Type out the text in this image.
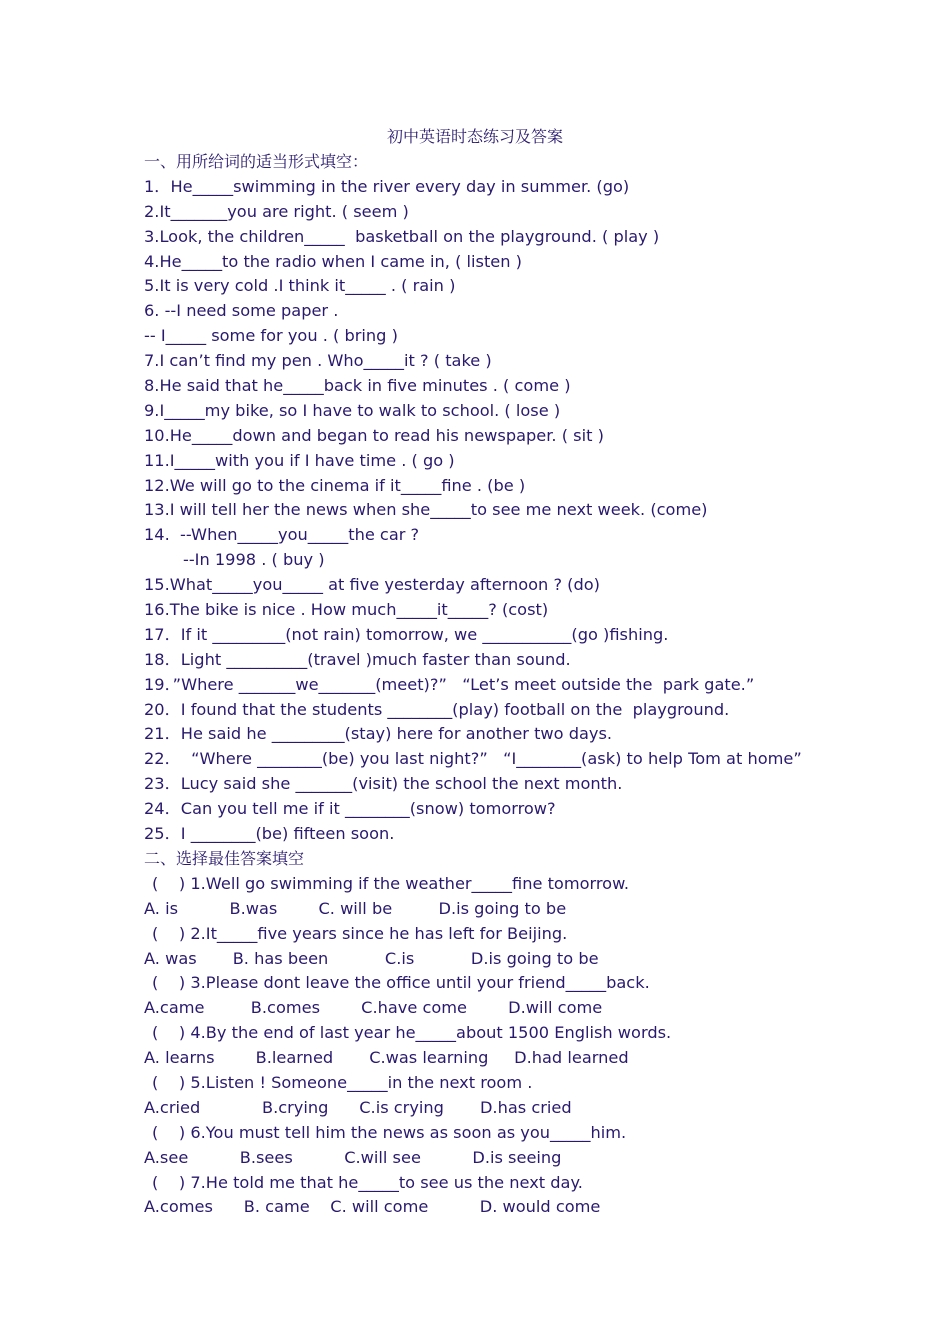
初中英语时态练习及答案
一、用所给词的适当形式填空：
1．He_____swimming in the river every day in summer. (go)
2.It_______you are right. ( seem )
3.Look, the children_____  basketball on the playground. ( play )
4.He_____to the radio when I came in, ( listen )
5.It is very cold .I think it_____ . ( rain )
6. --I need some paper .
-- I_____ some for you . ( bring )
7.I can’t find my pen . Who_____it ? ( take )
8.He said that he_____back in five minutes . ( come )
9.I_____my bike, so I have to walk to school. ( lose )
10.He_____down and began to read his newspaper. ( sit )
11.I_____with you if I have time . ( go )
12.We will go to the cinema if it_____fine . (be )
13.I will tell her the news when she_____to see me next week. (come)
14.  --When_____you_____the car ?
--In 1998 . ( buy )
15.What_____you_____ at five yesterday afternoon ? (do)
16.The bike is nice . How much_____it_____? (cost)
17．If it _________(not rain) tomorrow, we ___________(go )fishing.
18．Light __________(travel )much faster than sound.
19．”Where _______we_______(meet)?”   “Let’s meet outside the  park gate.”
20．I found that the students ________(play) football on the  playground.
21．He said he _________(stay) here for another two days.
22．  “Where ________(be) you last night?”   “I________(ask) to help Tom at home”
23．Lucy said she _______(visit) the school the next month.
24．Can you tell me if it ________(snow) tomorrow?
25．I ________(be) fifteen soon.
二、选择最佳答案填空
(    ) 1.Well go swimming if the weather_____fine tomorrow.
A. is          B.was        C. will be         D.is going to be
(    ) 2.It_____five years since he has left for Beijing.
A. was       B. has been           C.is           D.is going to be
(    ) 3.Please dont leave the office until your friend_____back.
A.came         B.comes        C.have come        D.will come
(    ) 4.By the end of last year he_____about 1500 English words.
A. learns        B.learned       C.was learning     D.had learned
(    ) 5.Listen ! Someone_____in the next room .
A.cried            B.crying      C.is crying       D.has cried
(    ) 6.You must tell him the news as soon as you_____him.
A.see          B.sees          C.will see          D.is seeing
(    ) 7.He told me that he_____to see us the next day.
A.comes      B. came    C. will come          D. would come
